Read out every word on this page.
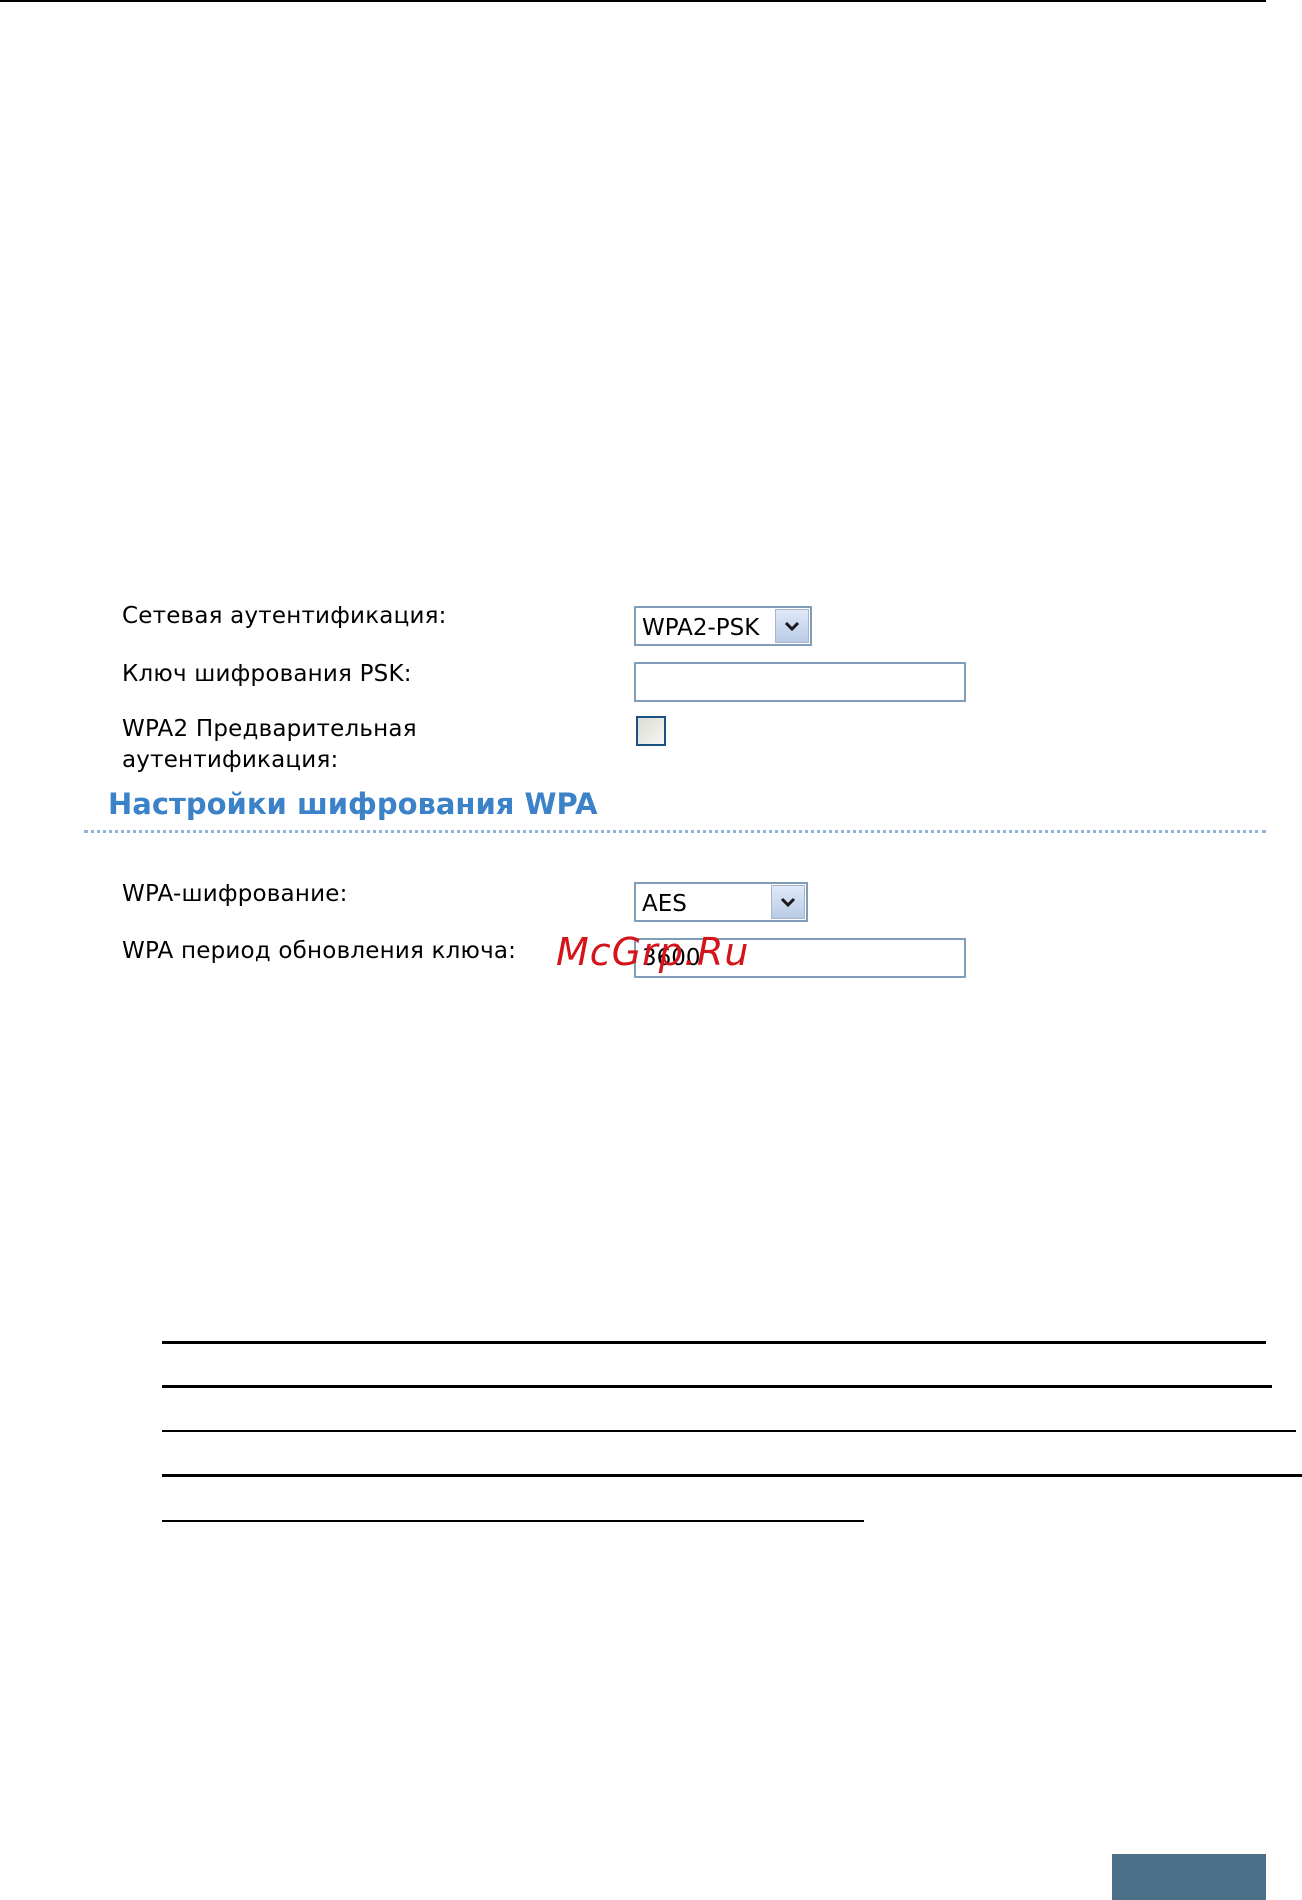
Сетевая аутентификация:	WPA2-PSK
Ключ шифрования PSK:
WPA2 Предварительная
аутентификация:
Настройки шифрования WPA
WPA-шифрование:	AES
WPA период обновления ключа:
3600 McGrp.Ru
